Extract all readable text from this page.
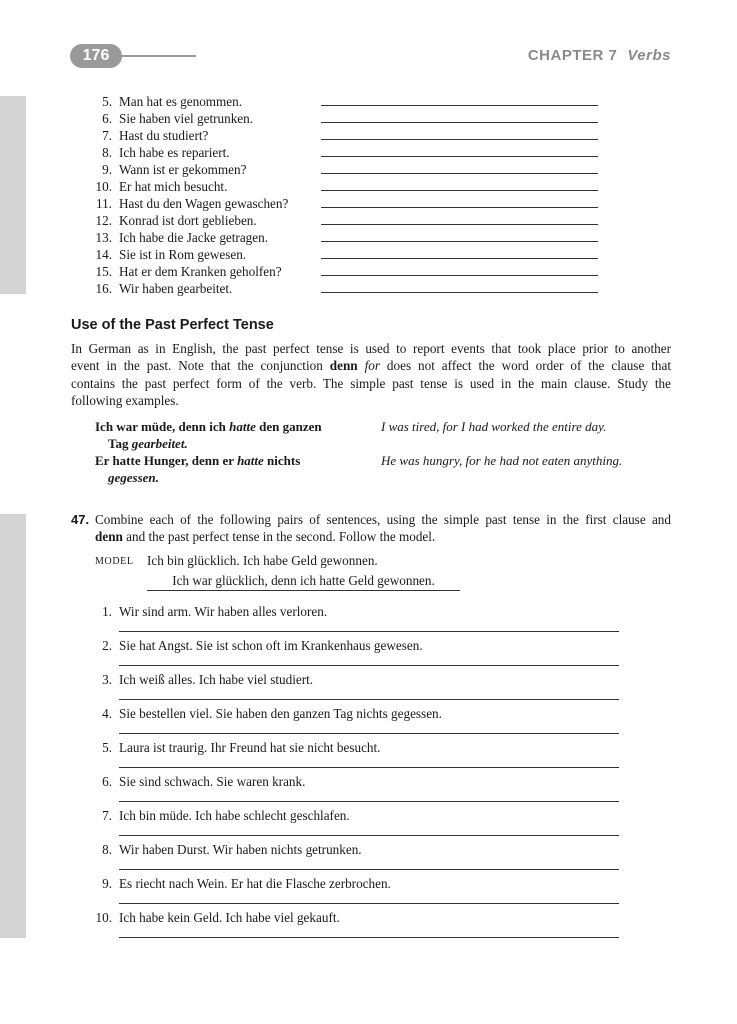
176	CHAPTER 7 Verbs
5. Man hat es genommen.
6. Sie haben viel getrunken.
7. Hast du studiert?
8. Ich habe es repariert.
9. Wann ist er gekommen?
10. Er hat mich besucht.
11. Hast du den Wagen gewaschen?
12. Konrad ist dort geblieben.
13. Ich habe die Jacke getragen.
14. Sie ist in Rom gewesen.
15. Hat er dem Kranken geholfen?
16. Wir haben gearbeitet.
Use of the Past Perfect Tense
In German as in English, the past perfect tense is used to report events that took place prior to another
event in the past. Note that the conjunction denn for does not affect the word order of the clause that
contains the past perfect form of the verb. The simple past tense is used in the main clause. Study the
following examples.
Ich war müde, denn ich hatte den ganzen
Tag gearbeitet.
I was tired, for I had worked the entire day.
Er hatte Hunger, denn er hatte nichts
gegessen.
He was hungry, for he had not eaten anything.
47. Combine each of the following pairs of sentences, using the simple past tense in the first clause and
denn and the past perfect tense in the second. Follow the model.
MODEL Ich bin glücklich. Ich habe Geld gewonnen.
Ich war glücklich, denn ich hatte Geld gewonnen.
1. Wir sind arm. Wir haben alles verloren.
2. Sie hat Angst. Sie ist schon oft im Krankenhaus gewesen.
3. Ich weiß alles. Ich habe viel studiert.
4. Sie bestellen viel. Sie haben den ganzen Tag nichts gegessen.
5. Laura ist traurig. Ihr Freund hat sie nicht besucht.
6. Sie sind schwach. Sie waren krank.
7. Ich bin müde. Ich habe schlecht geschlafen.
8. Wir haben Durst. Wir haben nichts getrunken.
9. Es riecht nach Wein. Er hat die Flasche zerbrochen.
10. Ich habe kein Geld. Ich habe viel gekauft.
